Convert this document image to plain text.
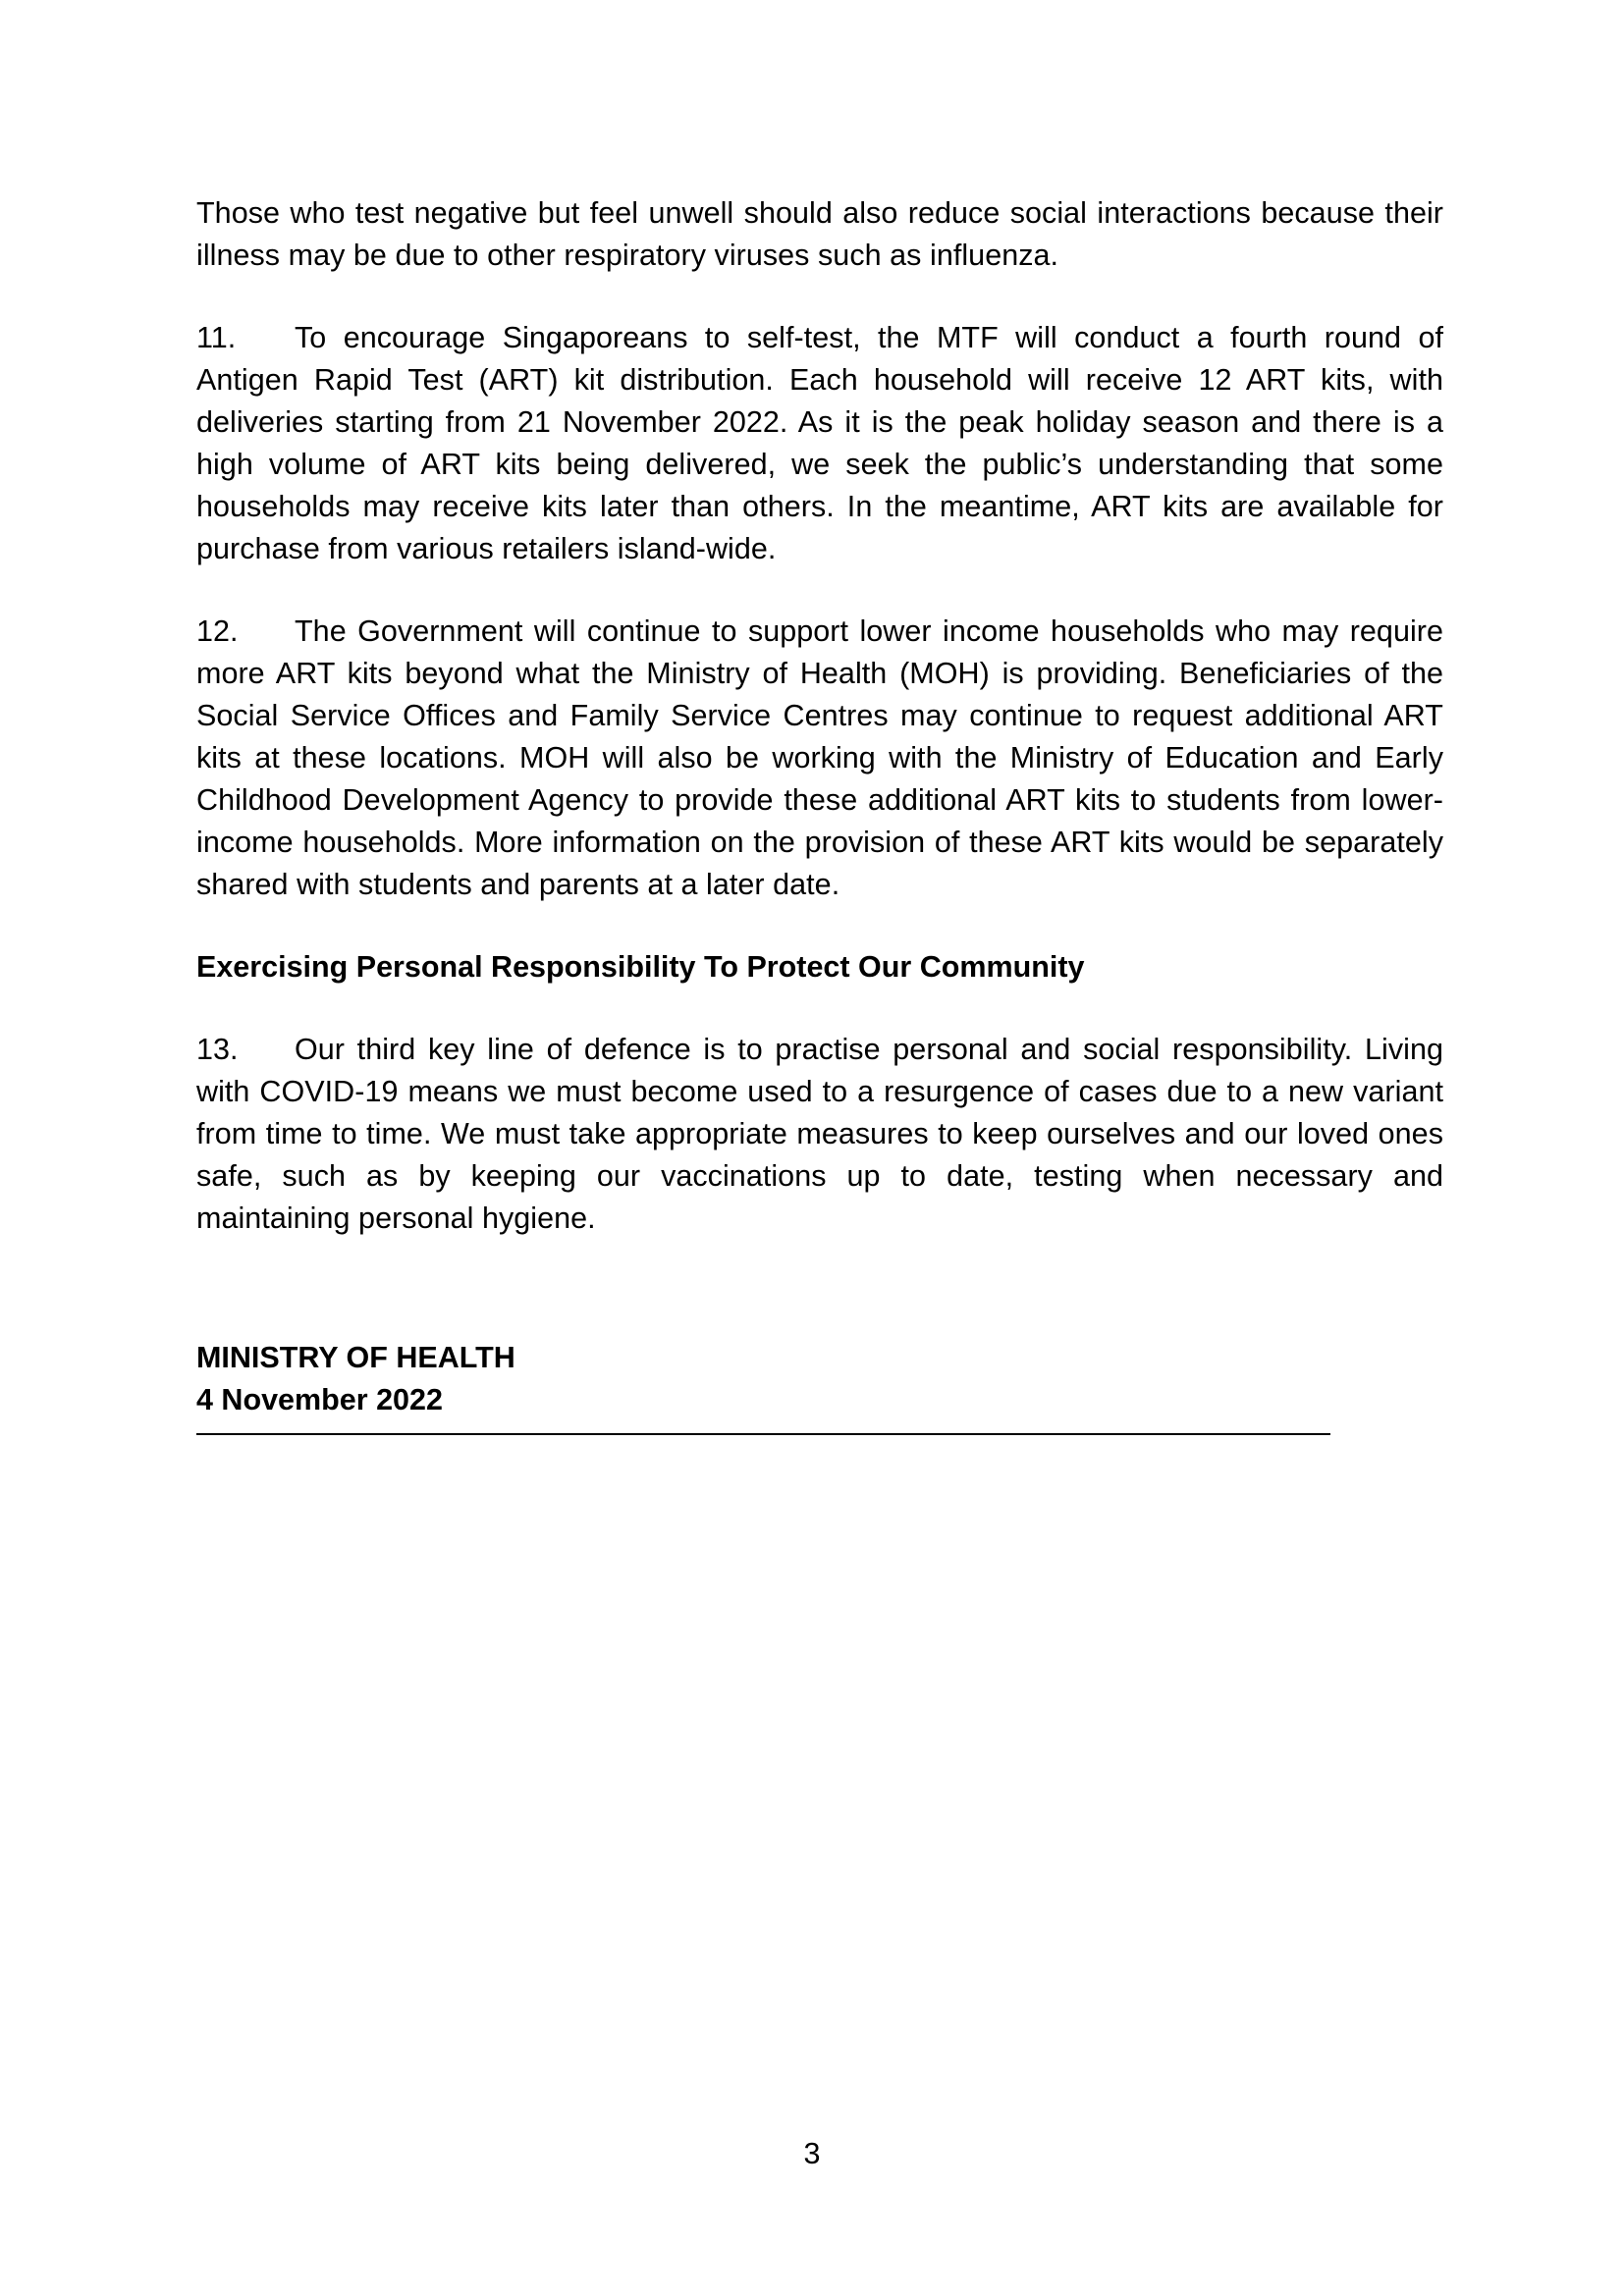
Those who test negative but feel unwell should also reduce social interactions because their illness may be due to other respiratory viruses such as influenza.

11. To encourage Singaporeans to self-test, the MTF will conduct a fourth round of Antigen Rapid Test (ART) kit distribution. Each household will receive 12 ART kits, with deliveries starting from 21 November 2022. As it is the peak holiday season and there is a high volume of ART kits being delivered, we seek the public’s understanding that some households may receive kits later than others. In the meantime, ART kits are available for purchase from various retailers island-wide.

12. The Government will continue to support lower income households who may require more ART kits beyond what the Ministry of Health (MOH) is providing. Beneficiaries of the Social Service Offices and Family Service Centres may continue to request additional ART kits at these locations. MOH will also be working with the Ministry of Education and Early Childhood Development Agency to provide these additional ART kits to students from lower-income households. More information on the provision of these ART kits would be separately shared with students and parents at a later date.

Exercising Personal Responsibility To Protect Our Community

13. Our third key line of defence is to practise personal and social responsibility. Living with COVID-19 means we must become used to a resurgence of cases due to a new variant from time to time. We must take appropriate measures to keep ourselves and our loved ones safe, such as by keeping our vaccinations up to date, testing when necessary and maintaining personal hygiene.

MINISTRY OF HEALTH
4 November 2022
3
